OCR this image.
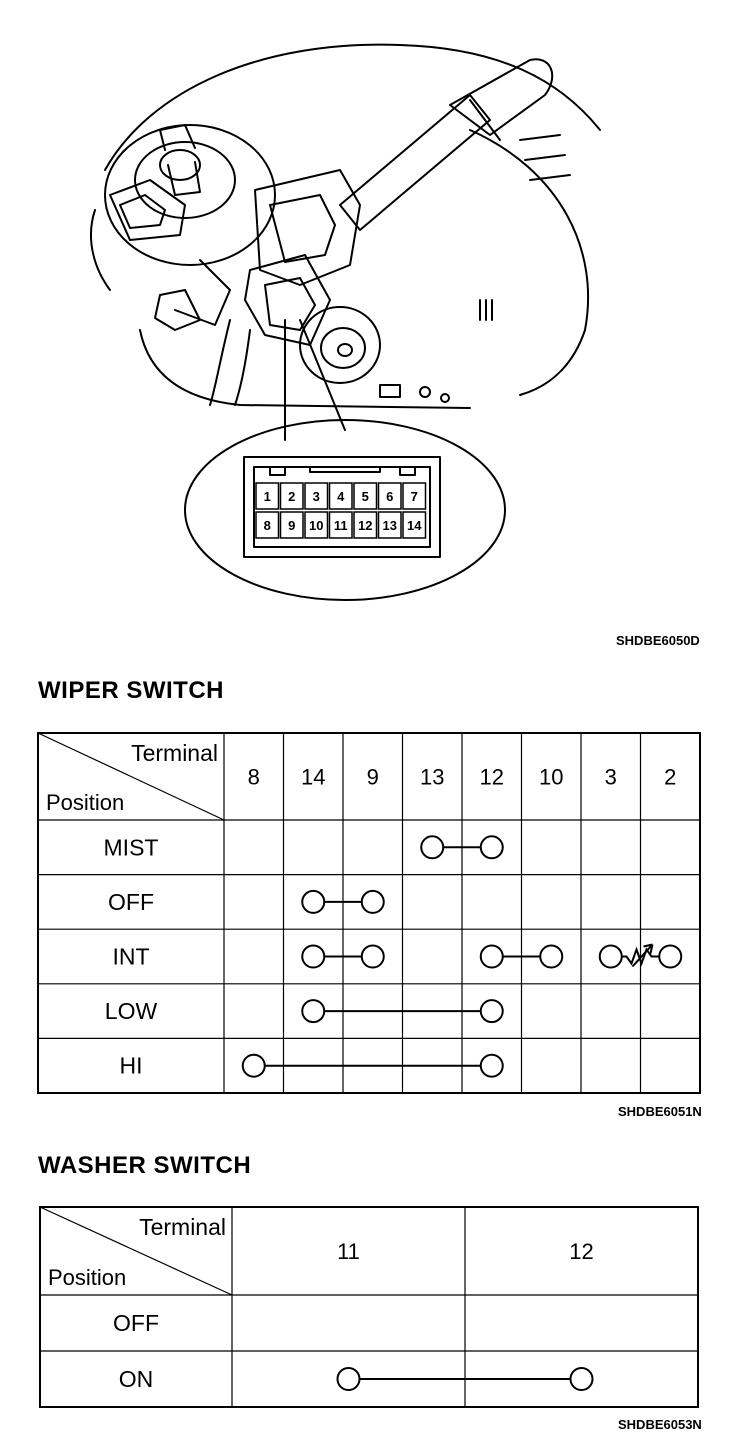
1 2 3 4 5 6 7
8 9 10 11 12 13 14
SHDBE6050D
WIPER SWITCH
Terminal
Position
8 14 9 13 12 10 3 2
MIST
OFF
INT
LOW
HI
Terminal
Position
11	12
OFF
ON
SHDBE6051N
WASHER SWITCH
SHDBE6053N
